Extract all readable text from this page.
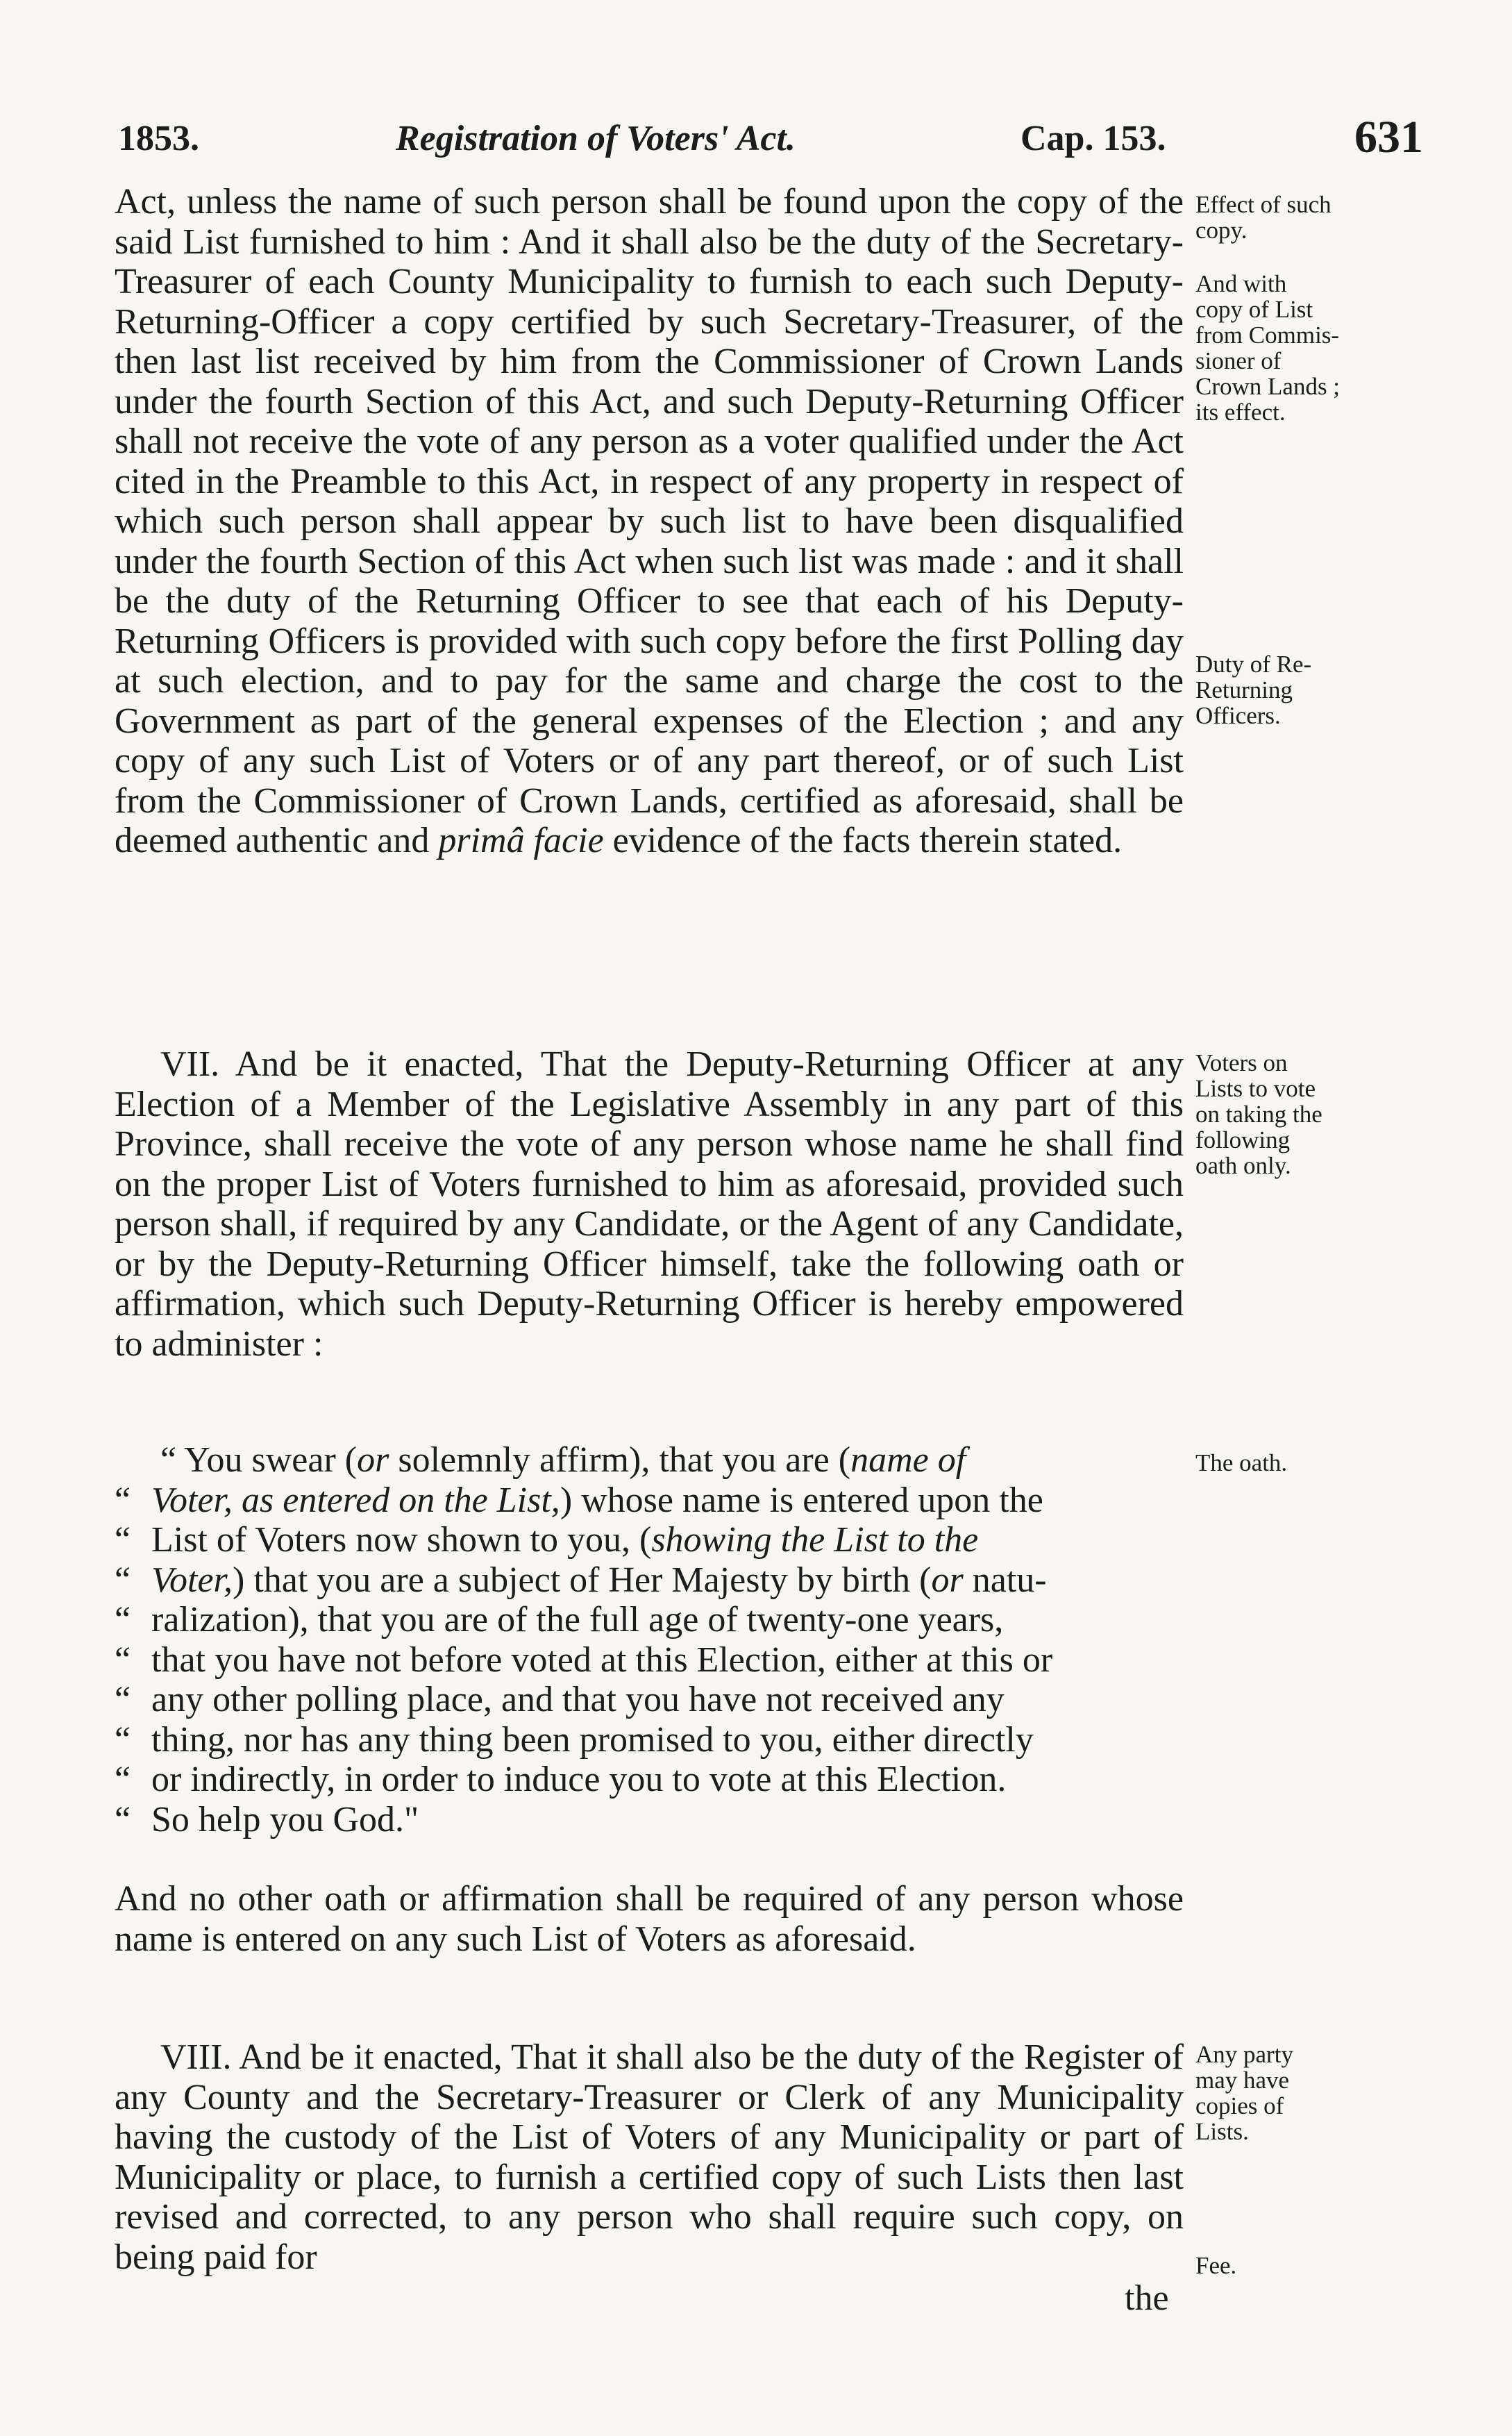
1853.	Registration of Voters' Act.	Cap. 153.	631

Act, unless the name of such person shall be found upon the copy of the said List furnished to him : And it shall also be the duty of the Secretary-Treasurer of each County Municipality to furnish to each such Deputy-Returning-Officer a copy certified by such Secretary-Treasurer, of the then last list received by him from the Commissioner of Crown Lands under the fourth Section of this Act, and such Deputy-Returning Officer shall not receive the vote of any person as a voter qualified under the Act cited in the Preamble to this Act, in respect of any property in respect of which such person shall appear by such list to have been disqualified under the fourth Section of this Act when such list was made : and it shall be the duty of the Returning Officer to see that each of his Deputy-Returning Officers is provided with such copy before the first Polling day at such election, and to pay for the same and charge the cost to the Government as part of the general expenses of the Election ; and any copy of any such List of Voters or of any part thereof, or of such List from the Commissioner of Crown Lands, certified as aforesaid, shall be deemed authentic and primâ facie evidence of the facts therein stated.

VII. And be it enacted, That the Deputy-Returning Officer at any Election of a Member of the Legislative Assembly in any part of this Province, shall receive the vote of any person whose name he shall find on the proper List of Voters furnished to him as aforesaid, provided such person shall, if required by any Candidate, or the Agent of any Candidate, or by the Deputy-Returning Officer himself, take the following oath or affirmation, which such Deputy-Returning Officer is hereby empowered to administer :

“ You swear (or solemnly affirm), that you are (name of
“ Voter, as entered on the List,) whose name is entered upon the
“ List of Voters now shown to you, (showing the List to the
“ Voter,) that you are a subject of Her Majesty by birth (or natu-
“ ralization), that you are of the full age of twenty-one years,
“ that you have not before voted at this Election, either at this or
“ any other polling place, and that you have not received any
“ thing, nor has any thing been promised to you, either directly
“ or indirectly, in order to induce you to vote at this Election.
“ So help you God."

And no other oath or affirmation shall be required of any person whose name is entered on any such List of Voters as aforesaid.

VIII. And be it enacted, That it shall also be the duty of the Register of any County and the Secretary-Treasurer or Clerk of any Municipality having the custody of the List of Voters of any Municipality or part of Municipality or place, to furnish a certified copy of such Lists then last revised and corrected, to any person who shall require such copy, on being paid for

the

Effect of such

copy.

And with

copy of List

from Commis-

sioner of

Crown Lands ;

its effect.

Duty of Re-

Returning

Officers.

Voters on

Lists to vote

on taking the

following

oath only.

The oath.

Any party

may have

copies of

Lists.

Fee.
